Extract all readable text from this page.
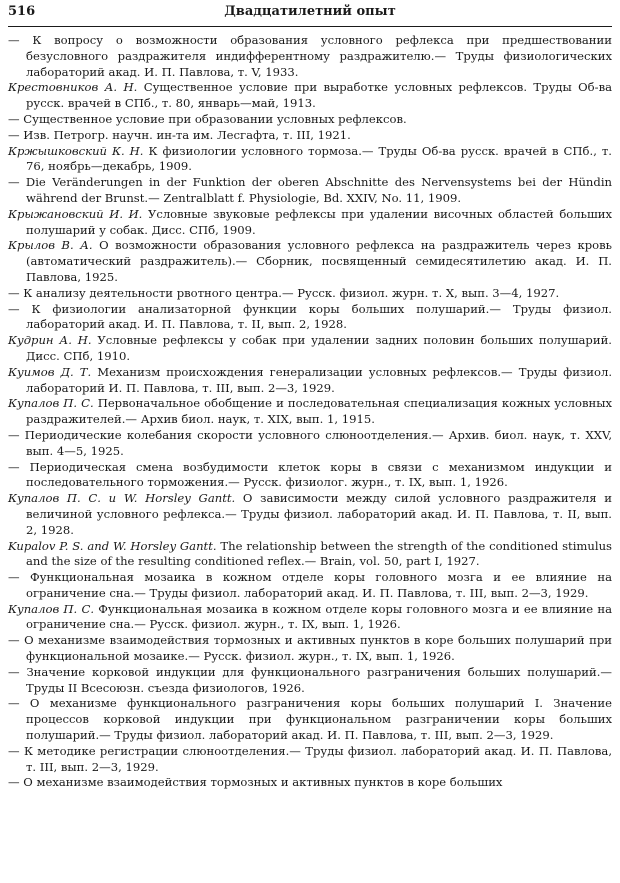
516	Двадцатилетний опыт

— К вопросу о возможности образования условного рефлекса при предшествовании безусловного раздражителя индифферентному раздражителю.— Труды физиологических лабораторий акад. И. П. Павлова, т. V, 1933.

Крестовников А. Н. Существенное условие при выработке условных рефлексов. Труды Об-ва русск. врачей в СПб., т. 80, январь—май, 1913.

— Существенное условие при образовании условных рефлексов.

— Изв. Петрогр. научн. ин-та им. Лесгафта, т. III, 1921.

Кржышковский К. Н. К физиологии условного тормоза.— Труды Об-ва русск. врачей в СПб., т. 76, ноябрь—декабрь, 1909.

— Die Veränderungen in der Funktion der oberen Abschnitte des Nervensystems bei der Hündin während der Brunst.— Zentralblatt f. Physiologie, Bd. XXIV, No. 11, 1909.

Крыжановский И. И. Условные звуковые рефлексы при удалении височных областей больших полушарий у собак. Дисс. СПб, 1909.

Крылов В. А. О возможности образования условного рефлекса на раздражитель через кровь (автоматический раздражитель).— Сборник, посвященный семидесятилетию акад. И. П. Павлова, 1925.

— К анализу деятельности рвотного центра.— Русск. физиол. журн. т. X, вып. 3—4, 1927.

— К физиологии анализаторной функции коры больших полушарий.— Труды физиол. лабораторий акад. И. П. Павлова, т. II, вып. 2, 1928.

Кудрин А. Н. Условные рефлексы у собак при удалении задних половин больших полушарий. Дисс. СПб, 1910.

Куимов Д. Т. Механизм происхождения генерализации условных рефлексов.— Труды физиол. лабораторий И. П. Павлова, т. III, вып. 2—3, 1929.

Купалов П. С. Первоначальное обобщение и последовательная специализация кожных условных раздражителей.— Архив биол. наук, т. XIX, вып. 1, 1915.

— Периодические колебания скорости условного слюноотделения.— Архив. биол. наук, т. XXV, вып. 4—5, 1925.

— Периодическая смена возбудимости клеток коры в связи с механизмом индукции и последовательного торможения.— Русск. физиолог. журн., т. IX, вып. 1, 1926.

Купалов П. С. и W. Horsley Gantt. О зависимости между силой условного раздражителя и величиной условного рефлекса.— Труды физиол. лабораторий акад. И. П. Павлова, т. II, вып. 2, 1928.

Kupalov P. S. and W. Horsley Gantt. The relationship between the strength of the conditioned stimulus and the size of the resulting conditioned reflex.— Brain, vol. 50, part I, 1927.

— Функциональная мозаика в кожном отделе коры головного мозга и ее влияние на ограничение сна.— Труды физиол. лабораторий акад. И. П. Павлова, т. III, вып. 2—3, 1929.

Купалов П. С. Функциональная мозаика в кожном отделе коры головного мозга и ее влияние на ограничение сна.— Русск. физиол. журн., т. IX, вып. 1, 1926.

— О механизме взаимодействия тормозных и активных пунктов в коре больших полушарий при функциональной мозаике.— Русск. физиол. журн., т. IX, вып. 1, 1926.

— Значение корковой индукции для функционального разграничения больших полушарий.— Труды II Всесоюзн. съезда физиологов, 1926.

— О механизме функционального разграничения коры больших полушарий I. Значение процессов корковой индукции при функциональном разграничении коры больших полушарий.— Труды физиол. лабораторий акад. И. П. Павлова, т. III, вып. 2—3, 1929.

— К методике регистрации слюноотделения.— Труды физиол. лабораторий акад. И. П. Павлова, т. III, вып. 2—3, 1929.

— О механизме взаимодействия тормозных и активных пунктов в коре больших
